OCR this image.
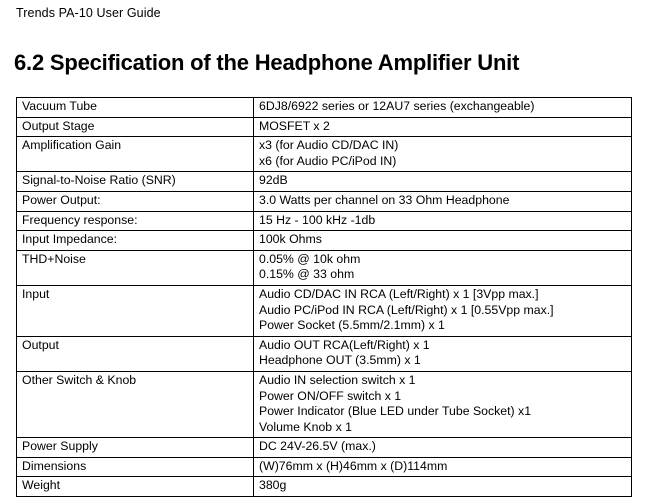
Trends PA-10 User Guide
6.2 Specification of the Headphone Amplifier Unit
Vacuum Tube	6DJ8/6922 series or 12AU7 series (exchangeable)

Output Stage	MOSFET x 2

Amplification Gain	x3 (for Audio CD/DAC IN)
x6 (for Audio PC/iPod IN)

Signal-to-Noise Ratio (SNR)	92dB

Power Output:	3.0 Watts per channel on 33 Ohm Headphone

Frequency response:	15 Hz - 100 kHz -1db

Input Impedance:	100k Ohms

THD+Noise	0.05% @ 10k ohm
0.15% @ 33 ohm

Input	Audio CD/DAC IN RCA (Left/Right) x 1 [3Vpp max.]
Audio PC/iPod IN RCA (Left/Right) x 1 [0.55Vpp max.]
Power Socket (5.5mm/2.1mm) x 1

Output	Audio OUT RCA(Left/Right) x 1
Headphone OUT (3.5mm) x 1

Other Switch & Knob	Audio IN selection switch x 1
Power ON/OFF switch x 1
Power Indicator (Blue LED under Tube Socket) x1
Volume Knob x 1

Power Supply	DC 24V-26.5V (max.)

Dimensions	(W)76mm x (H)46mm x (D)114mm

Weight	380g
